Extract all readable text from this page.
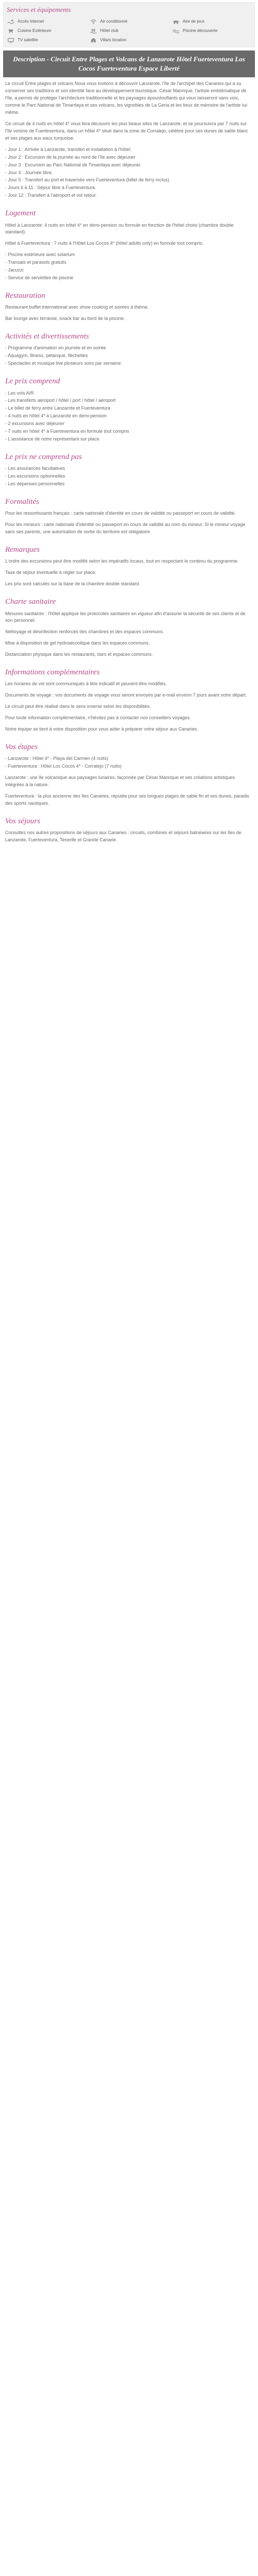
Services et équipements
Accès Internet	Air conditionné	Aire de jeux
Cuisine Extérieure	Hôtel club	Piscine découverte
TV satellite	Villa/s location
Description - Circuit Entre Plages et Volcans de Lanzarote Hôtel Fuerteventura Los Cocos Fuerteventura Espace Liberté

Le circuit Entre plages et volcans Nous vous invitons à découvrir Lanzarote, l'île de l'archipel des Canaries qui a su conserver ses traditions et son identité face au développement touristique. César Manrique, l'artiste emblématique de l'île, a permis de protéger l'architecture traditionnelle et les paysages époustouflants qui vous laisseront sans voix, comme le Parc National de Timanfaya et ses volcans, les vignobles de La Geria et les lieux de mémoire de l'artiste lui-même.

Ce circuit de 4 nuits en hôtel 4* vous fera découvrir les plus beaux sites de Lanzarote, et se poursuivra par 7 nuits sur l'île voisine de Fuerteventura, dans un hôtel 4* situé dans la zone de Corralejo, célèbre pour ses dunes de sable blanc et ses plages aux eaux turquoise.

- Jour 1 : Arrivée à Lanzarote, transfert et installation à l'hôtel.
- Jour 2 : Excursion de la journée au nord de l'île avec déjeuner.
- Jour 3 : Excursion au Parc National de Timanfaya avec déjeuner.
- Jour 4 : Journée libre.
- Jour 5 : Transfert au port et traversée vers Fuerteventura (billet de ferry inclus).
- Jours 6 à 11 : Séjour libre à Fuerteventura.
- Jour 12 : Transfert à l'aéroport et vol retour.
Logement

Hôtel à Lanzarote: 4 nuits en hôtel 4* en demi-pension ou formule en fonction de l'hôtel choisi (chambre double standard).

Hôtel à Fuerteventura : 7 nuits à l'Hôtel Los Cocos 4* (hôtel adults only) en formule tout compris.

- Piscine extérieure avec solarium
- Transats et parasols gratuits
- Jacuzzi
- Service de serviettes de piscine
Restauration

Restaurant buffet international avec show cooking et soirées à thème.

Bar lounge avec terrasse, snack bar au bord de la piscine.

Activités et divertissements
- Programme d'animation en journée et en soirée
- Aquagym, fitness, pétanque, fléchettes
- Spectacles et musique live plusieurs soirs par semaine
Le prix comprend
- Les vols A/R
- Les transferts aéroport / hôtel / port / hôtel / aéroport
- Le billet de ferry entre Lanzarote et Fuerteventura
- 4 nuits en hôtel 4* à Lanzarote en demi-pension
- 2 excursions avec déjeuner
- 7 nuits en hôtel 4* à Fuerteventura en formule tout compris
- L'assistance de notre représentant sur place
Le prix ne comprend pas
- Les assurances facultatives
- Les excursions optionnelles
- Les dépenses personnelles
Formalités

Pour les ressortissants français : carte nationale d'identité en cours de validité ou passeport en cours de validité.

Pour les mineurs : carte nationale d'identité ou passeport en cours de validité au nom du mineur. Si le mineur voyage sans ses parents, une autorisation de sortie du territoire est obligatoire.

Remarques

L'ordre des excursions peut être modifié selon les impératifs locaux, tout en respectant le contenu du programme.

Taxe de séjour éventuelle à régler sur place.

Les prix sont calculés sur la base de la chambre double standard.

Charte sanitaire

Mesures sanitaires : l'hôtel applique les protocoles sanitaires en vigueur afin d'assurer la sécurité de ses clients et de son personnel.

Nettoyage et désinfection renforcés des chambres et des espaces communs.

Mise à disposition de gel hydroalcoolique dans les espaces communs.

Distanciation physique dans les restaurants, bars et espaces communs.

Informations complémentaires

Les horaires de vol sont communiqués à titre indicatif et peuvent être modifiés.

Documents de voyage : vos documents de voyage vous seront envoyés par e-mail environ 7 jours avant votre départ.

Le circuit peut être réalisé dans le sens inverse selon les disponibilités.

Pour toute information complémentaire, n'hésitez pas à contacter nos conseillers voyages.

Notre équipe se tient à votre disposition pour vous aider à préparer votre séjour aux Canaries.

Vos étapes
- Lanzarote : Hôtel 4* - Playa del Carmen (4 nuits)
- Fuerteventura : Hôtel Los Cocos 4* - Corralejo (7 nuits)

Lanzarote : une île volcanique aux paysages lunaires, façonnée par César Manrique et ses créations artistiques intégrées à la nature.

Fuerteventura : la plus ancienne des îles Canaries, réputée pour ses longues plages de sable fin et ses dunes, paradis des sports nautiques.

Vos séjours

Consultez nos autres propositions de séjours aux Canaries : circuits, combinés et séjours balnéaires sur les îles de Lanzarote, Fuerteventura, Tenerife et Grande Canarie.
